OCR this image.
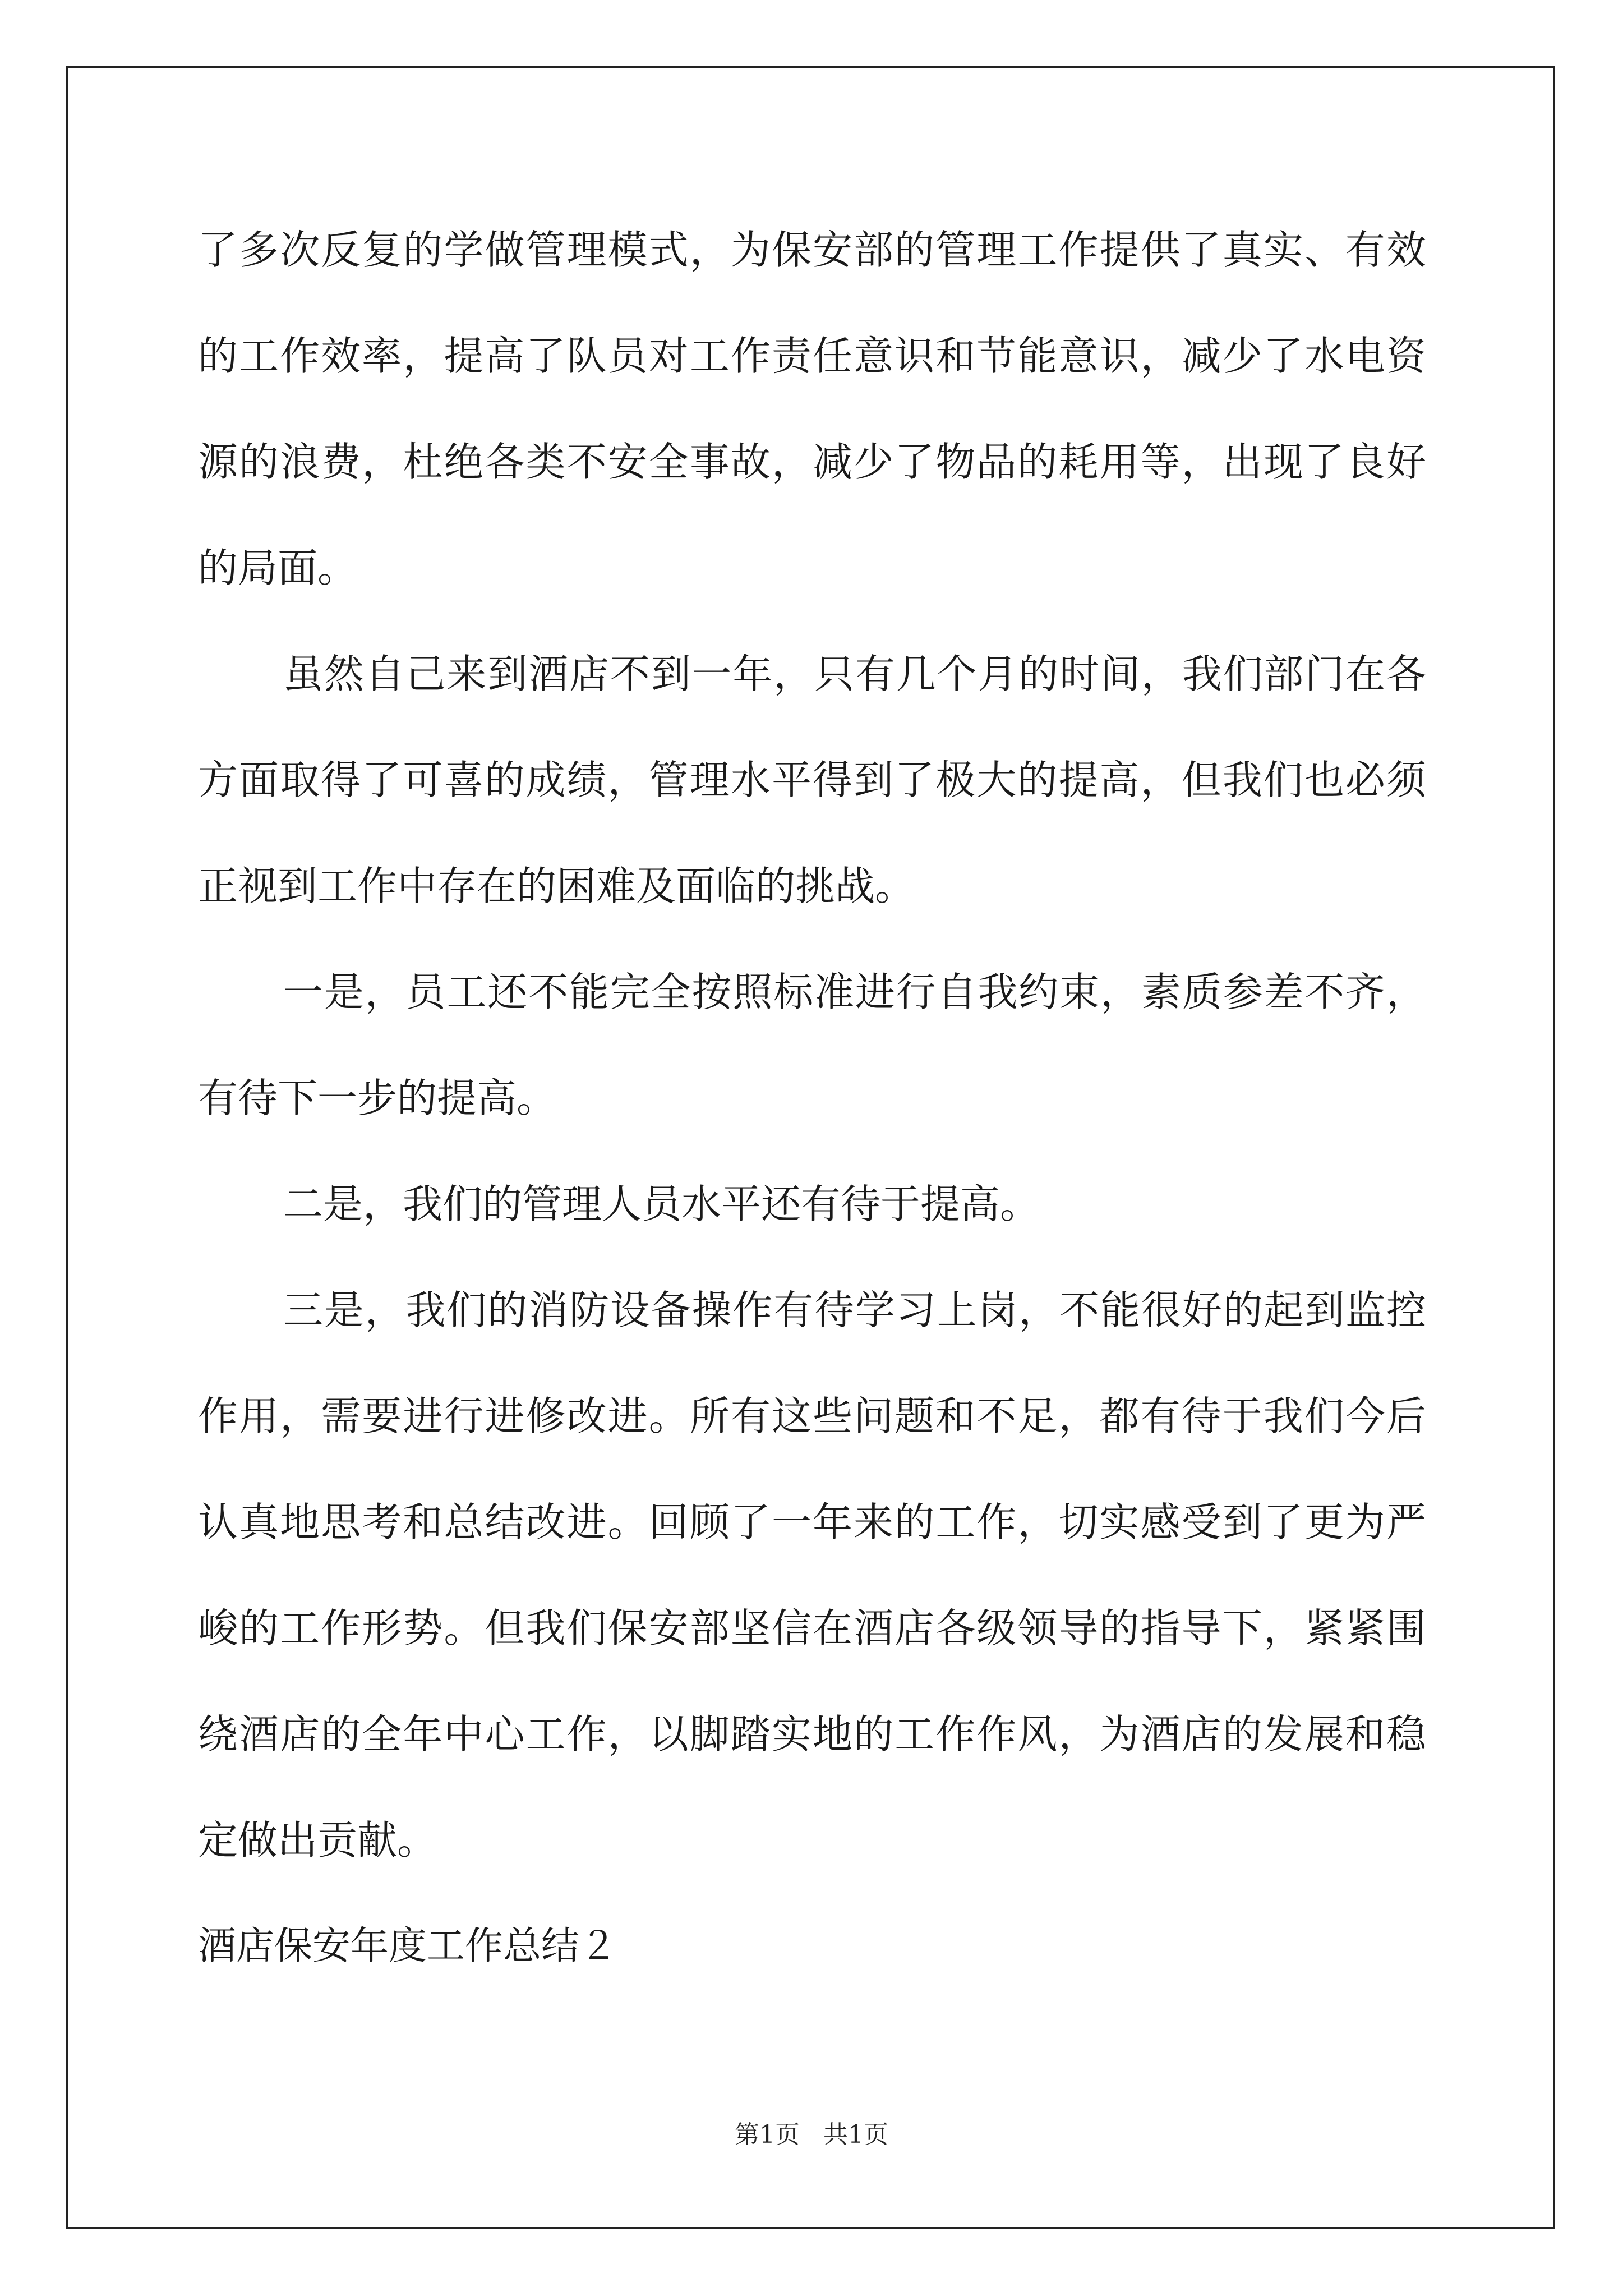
了多次反复的学做管理模式，为保安部的管理工作提供了真实、有效
的工作效率，提高了队员对工作责任意识和节能意识，减少了水电资
源的浪费，杜绝各类不安全事故，减少了物品的耗用等，出现了良好
的局面。
虽然自己来到酒店不到一年，只有几个月的时间，我们部门在各
方面取得了可喜的成绩，管理水平得到了极大的提高，但我们也必须
正视到工作中存在的困难及面临的挑战。
一是，员工还不能完全按照标准进行自我约束，素质参差不齐，
有待下一步的提高。
二是，我们的管理人员水平还有待于提高。
三是，我们的消防设备操作有待学习上岗，不能很好的起到监控
作用，需要进行进修改进。所有这些问题和不足，都有待于我们今后
认真地思考和总结改进。回顾了一年来的工作，切实感受到了更为严
峻的工作形势。但我们保安部坚信在酒店各级领导的指导下，紧紧围
绕酒店的全年中心工作，以脚踏实地的工作作风，为酒店的发展和稳
定做出贡献。
酒店保安年度工作总结２
第1页   共1页
